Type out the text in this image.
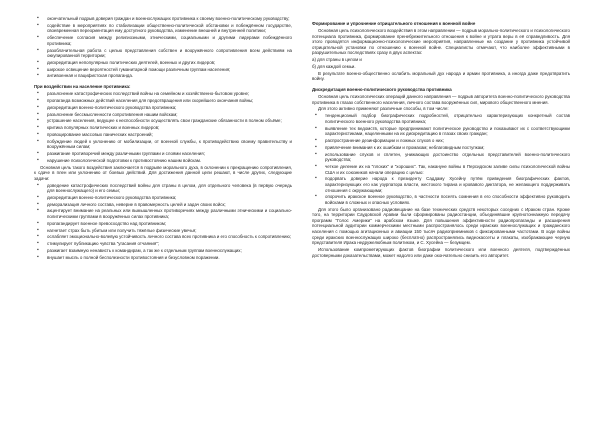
▪ окончательный подрыв доверия граждан и военнослужащих противника к своему военно-политическому руководству;
▪ содействие в мероприятиях по стабилизации общественно-политической обстановки и побеждённом государстве, своевременная переориентация ему доступного руководства, изменение внешней и внутренней политики;
▪ обеспечение согласия между религиозными, этническими, социальными и другими лидерами побеждённого противника;
▪ разоблачительная работа с целью представления собствен и вооружённого сопротивления всем действиям на оккупированной территории;
▪ дискредитация непопулярных политических деятелей, военных и других лидеров;
▪ широкое освещение вероятностей гуманитарной помощи различным группам населения;
▪ антивоенная и пацифистская пропаганда.
При воздействии на население противника:
▪ разъяснение катастрофических последствий войны на семейном и хозяйственно-бытовом уровне;
▪ пропаганда возможных действий населения для предотвращения или скорейшего окончания войны;
▪ дискредитация военно-политического руководства противника;
▪ разъяснение бессмысленности сопротивления нашим войскам;
▪ устрашение населения, ведущее к неспособности осуществлять свои гражданские обязанности в полном объёме;
▪ критика популярных политических и военных лидеров;
▪ провоцирование массовых панических настроений;
▪ побуждение людей к уклонению от мобилизации, от военной службы, к противодействию своему правительству и вооружённым силам;
▪ разжигание противоречий между различными группами и слоями населения;
▪ нарушение психологической подготовки к противостоянию нашим войскам.
Основная цель такого воздействия заключается в подрыве морального духа, в склонении к прекращению сопротивления, к сдаче в плен или уклонению от боевых действий. Для достижения данной цели решают, в числе других, следующие задачи:
▪ доведение катастрофических последствий войны для страны в целом, для отдельного человека (в первую очередь для военнослужащего) и его семьи;
▪ дискредитация военно-политического руководства противника;
▪ деморализация личного состава, неверие в правомерность целей и задач своих войск;
▪ акцентирует внимание на реальных или вымышленных противоречиях между различными этническими и социально-политическими группами в вооружённых силах противника;
▪ пропагандирует военное превосходство над противником;
▪ нагнетает страх быть убитым или получить тяжёлые физические увечья;
▪ ослабляет эмоционально-волевую устойчивость личного состава всех противника и его способность к сопротивлению;
▪ стимулирует публикацию чувства "угасания отчаяния";
▪ разжигает взаимную ненависть к командирам, а так же к отдельным группам военнослужащих;
▪ внушает мысль о полной бесполезности противостояния и безусловном поражении.
Формирование и упрочнение отрицательного отношения к военной войне
Основная цель психологического воздействия в этом направлении — подрыв морально-политического и психологического потенциала противника, формирование пренебрежительного отношения к войне и утрата веры в её справедливость. Для этого проводятся информационно-психологические мероприятия, направленные на создание у противника устойчивой отрицательной установки по отношению к военной войне. Специалисты отмечают, что наиболее эффективными в разрушительных последствиях сразу в двух аспектах:
а) для страны в целом и
б) для каждой семьи.
В результате военно-общественно ослабить моральный дух народа и армии противника, а иногда даже предотвратить войну.
Дискредитация военно-политического руководства противника
Основная цель психологических операций данного направления — подрыв авторитета военно-политического руководства противника в глазах собственного населения, личного состава вооружённых сил, мирового общественного мнения.
Для этого активно применяют различные способы, в том числе:
▪ тенденциозный подбор биографических подробностей, отрицательно характеризующих конкретный состав политического военного руководства противника;
▪ выявление тех ведомств, которые предпринимают политическое руководство и показывают их с соответствующими характеристиками, нацеленными на их дискредитацию в глазах своих граждан;
▪ распространение дезинформации и ложных слухов о них;
▪ привлечение внимания к их ошибкам и промахам; неблаговидным поступкам;
▪ использование слухов и сплетен, унижающих достоинство отдельных представителей военно-политического руководства;
▪ четкое деление их на "плохих" и "хороших". Так, накануне войны в Персидском заливе силы психологической войны США и их союзников начали операцию с целью:
▪ подорвать доверие народа к президенту Саддаму Хусейну путём приведения биографических фактов, характеризующих его как узурпатора власти, жестокого тирана и кровавого диктатора, не желающего поддерживать отношения с окружающими;
▪ опорочить иракское военное руководство, в частности посеять сомнения в его способности эффективно руководить войсками в сложных и опасных условиях.
Для этого было организовано радиовещание на базе технических средств некоторых соседних с Ираком стран. Кроме того, на территории Саудовской Аравии были сформированы радиостанции, объединявшие крупнотоннажную передачу программ "Голос Америки" на арабском языке. Для повышения эффективности радиопропаганды и расширения потенциальной аудитории коммерческими местными распространялось среди иракских военнослужащих и гражданского населения с помощью агитационных и авиации 150 тысяч радиоприемников с фиксированными частотами. В ходе войны среди иракских военнослужащих широко (бесплатно) распространялись видеокассеты и плакаты, изображающие черную представителя Ирака недружелюбным политиком, и С. Хусейна — безумцем.
Использование компрометирующих фактов биографии политического или военного деятеля, подтверждённых достоверными доказательствами, может надолго или даже окончательно снизить его авторитет.
